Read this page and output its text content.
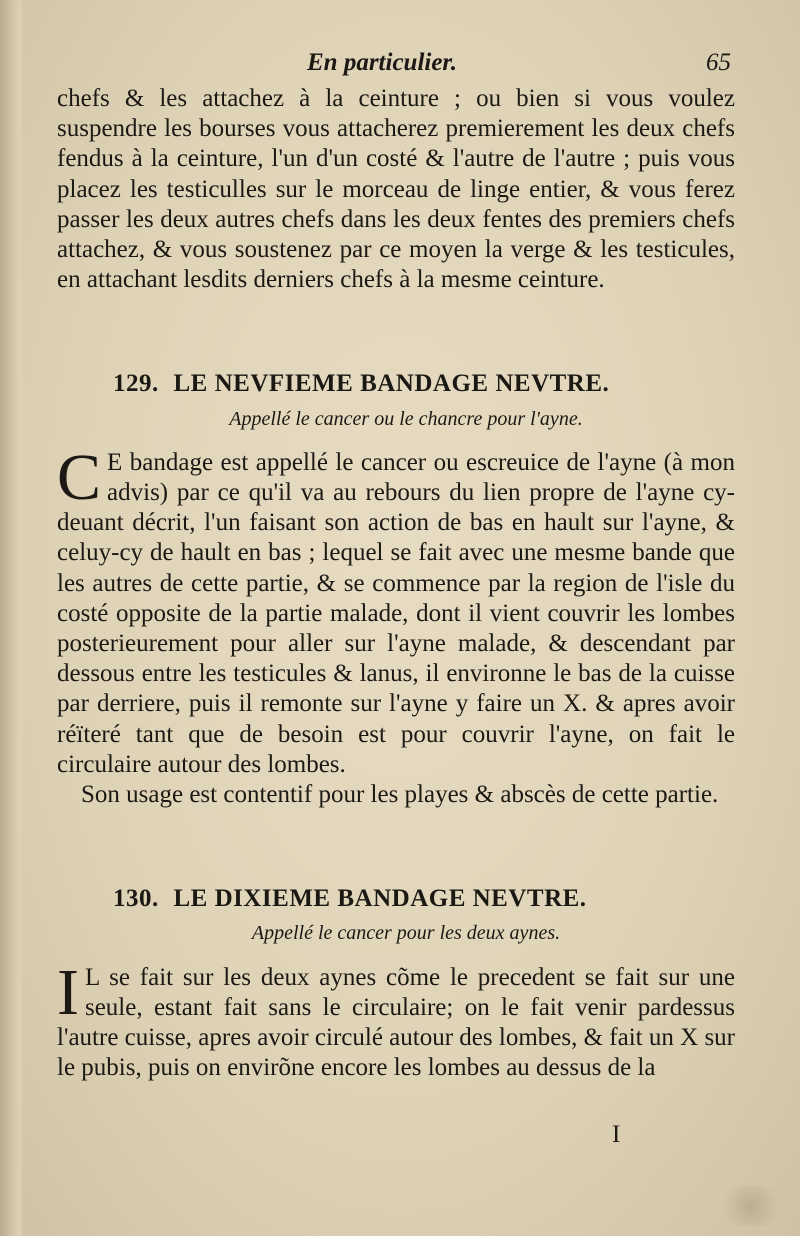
En particulier.	65

chefs & les attachez à la ceinture ; ou bien si vous voulez suspendre les bourses vous attacherez premierement les deux chefs fendus à la ceinture, l'un d'un costé & l'autre de l'autre ; puis vous placez les testiculles sur le morceau de linge entier, & vous ferez passer les deux autres chefs dans les deux fentes des premiers chefs attachez, & vous soustenez par ce moyen la verge & les testicules, en attachant lesdits derniers chefs à la mesme ceinture.

129. LE NEVFIEME BANDAGE NEVTRE.

Appellé le cancer ou le chancre pour l'ayne.

C E bandage est appellé le cancer ou escreuice de l'ayne (à mon advis) par ce qu'il va au rebours du lien propre de l'ayne cy-deuant décrit, l'un faisant son action de bas en hault sur l'ayne, & celuy-cy de hault en bas ; lequel se fait avec une mesme bande que les autres de cette partie, & se commence par la region de l'isle du costé opposite de la partie malade, dont il vient couvrir les lombes posterieurement pour aller sur l'ayne malade, & descendant par dessous entre les testicules & lanus, il environne le bas de la cuisse par derriere, puis il remonte sur l'ayne y faire un X. & apres avoir réïteré tant que de besoin est pour couvrir l'ayne, on fait le circulaire autour des lombes.

Son usage est contentif pour les playes & abscès de cette partie.

130. LE DIXIEME BANDAGE NEVTRE.

Appellé le cancer pour les deux aynes.

I L se fait sur les deux aynes cõme le precedent se fait sur une seule, estant fait sans le circulaire; on le fait venir pardessus l'autre cuisse, apres avoir circulé autour des lombes, & fait un X sur le pubis, puis on envirõne encore les lombes au dessus de la

I
